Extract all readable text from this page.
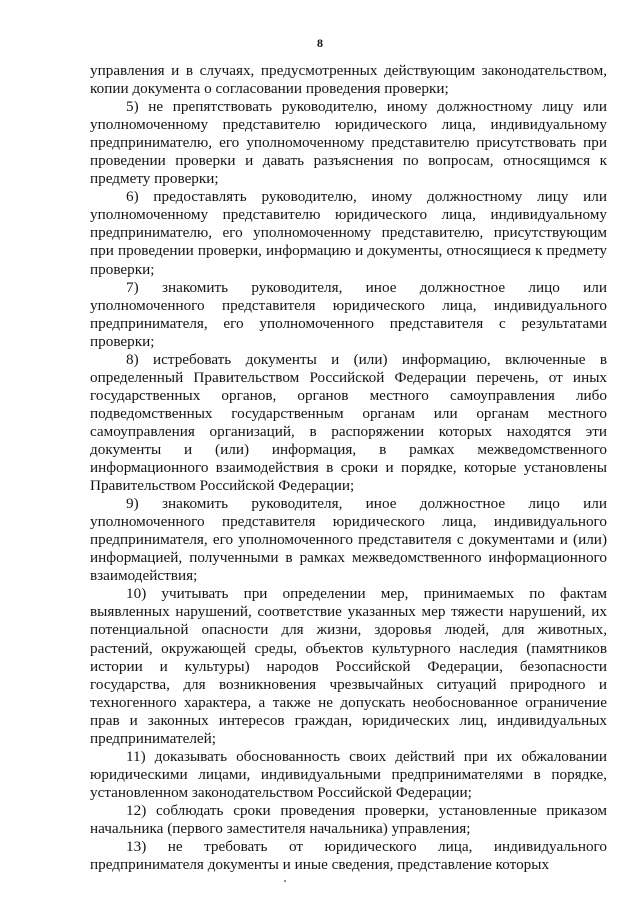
8

управления и в случаях, предусмотренных действующим законодательством, копии документа о согласовании проведения проверки;

5) не препятствовать руководителю, иному должностному лицу или уполномоченному представителю юридического лица, индивидуальному предпринимателю, его уполномоченному представителю присутствовать при проведении проверки и давать разъяснения по вопросам, относящимся к предмету проверки;

6) предоставлять руководителю, иному должностному лицу или уполномоченному представителю юридического лица, индивидуальному предпринимателю, его уполномоченному представителю, присутствующим при проведении проверки, информацию и документы, относящиеся к предмету проверки;

7) знакомить руководителя, иное должностное лицо или уполномоченного представителя юридического лица, индивидуального предпринимателя, его уполномоченного представителя с результатами проверки;

8) истребовать документы и (или) информацию, включенные в определенный Правительством Российской Федерации перечень, от иных государственных органов, органов местного самоуправления либо подведомственных государственным органам или органам местного самоуправления организаций, в распоряжении которых находятся эти документы и (или) информация, в рамках межведомственного информационного взаимодействия в сроки и порядке, которые установлены Правительством Российской Федерации;

9) знакомить руководителя, иное должностное лицо или уполномоченного представителя юридического лица, индивидуального предпринимателя, его уполномоченного представителя с документами и (или) информацией, полученными в рамках межведомственного информационного взаимодействия;

10) учитывать при определении мер, принимаемых по фактам выявленных нарушений, соответствие указанных мер тяжести нарушений, их потенциальной опасности для жизни, здоровья людей, для животных, растений, окружающей среды, объектов культурного наследия (памятников истории и культуры) народов Российской Федерации, безопасности государства, для возникновения чрезвычайных ситуаций природного и техногенного характера, а также не допускать необоснованное ограничение прав и законных интересов граждан, юридических лиц, индивидуальных предпринимателей;

11) доказывать обоснованность своих действий при их обжаловании юридическими лицами, индивидуальными предпринимателями в порядке, установленном законодательством Российской Федерации;

12) соблюдать сроки проведения проверки, установленные приказом начальника (первого заместителя начальника) управления;

13) не требовать от юридического лица, индивидуального предпринимателя документы и иные сведения, представление которых
